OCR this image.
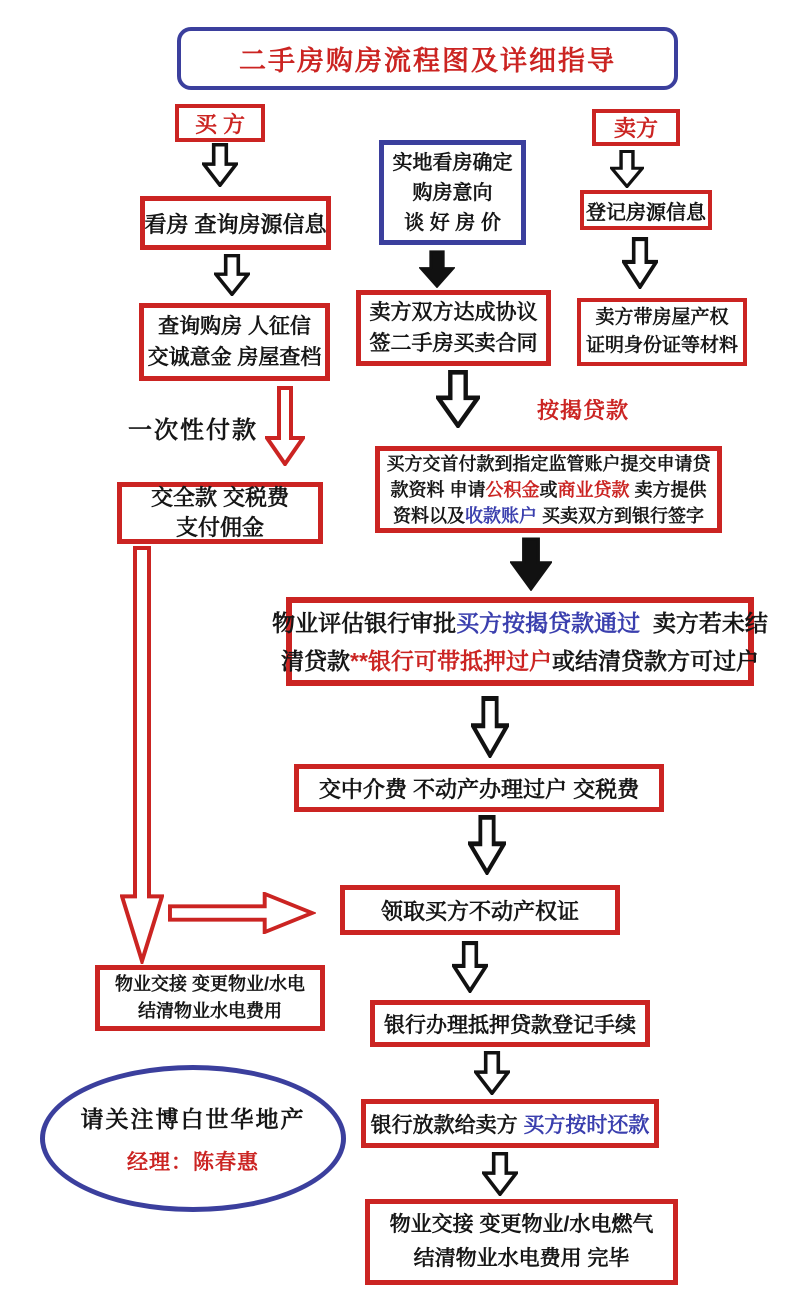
二手房购房流程图及详细指导
买 方
看房 查询房源信息
查询购房 人征信
交诚意金 房屋查档
实地看房确定
购房意向
谈 好 房 价
卖方双方达成协议
签二手房买卖合同
卖方
登记房源信息
卖方带房屋产权
证明身份证等材料
一次性付款
按揭贷款
交全款 交税费
支付佣金
买方交首付款到指定监管账户提交申请贷
款资料 申请公积金或商业贷款 卖方提供
资料以及收款账户 买卖双方到银行签字
物业评估银行审批买方按揭贷款通过  卖方若未结
清贷款**银行可带抵押过户或结清贷款方可过户
交中介费 不动产办理过户 交税费
领取买方不动产权证
物业交接 变更物业/水电
结清物业水电费用
银行办理抵押贷款登记手续
银行放款给卖方 买方按时还款
请关注博白世华地产
经理：陈春惠
物业交接 变更物业/水电燃气
结清物业水电费用 完毕
